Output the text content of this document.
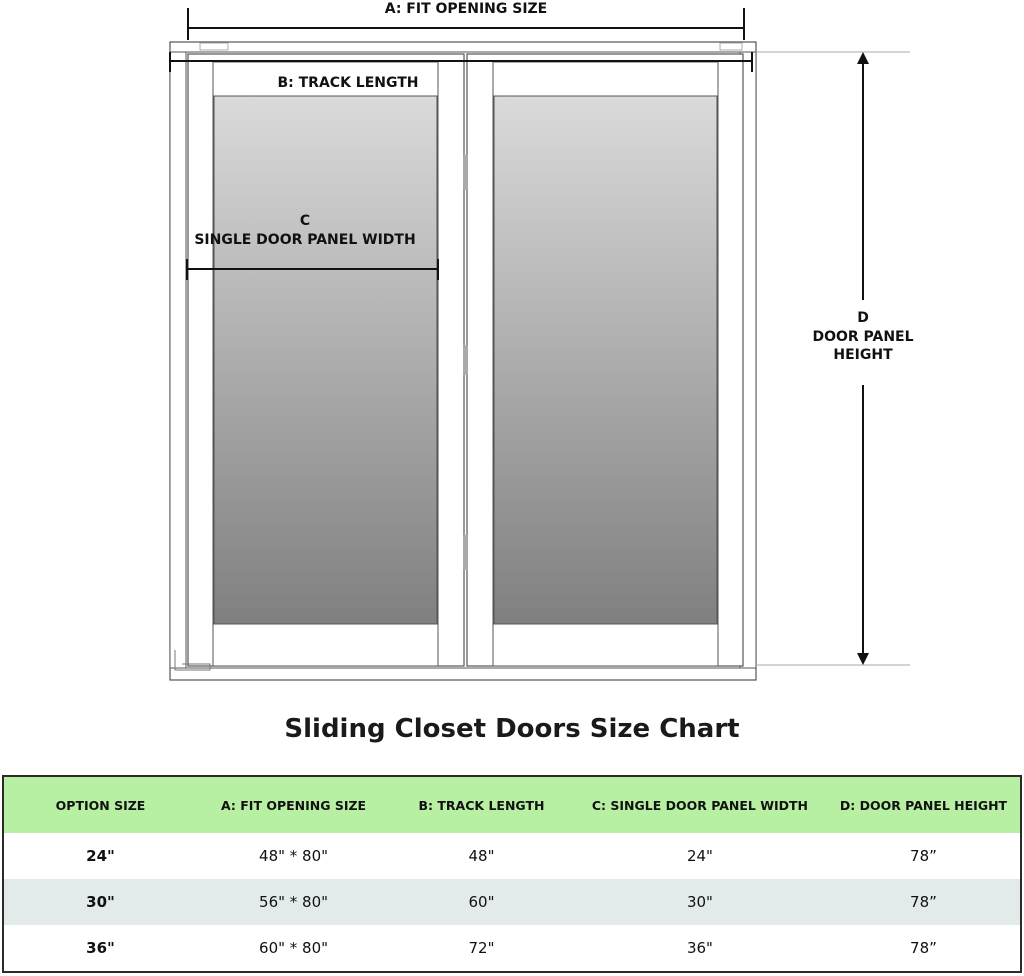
A: FIT OPENING SIZE
B: TRACK LENGTH
C
SINGLE DOOR PANEL WIDTH
D
DOOR PANEL
HEIGHT
Sliding Closet Doors Size Chart
OPTION SIZE	A: FIT OPENING SIZE	B: TRACK LENGTH	C: SINGLE DOOR PANEL WIDTH	D: DOOR PANEL HEIGHT
24"	48" * 80"	48"	24"	78”
30"	56" * 80"	60"	30"	78”
36"	60" * 80"	72"	36"	78”
